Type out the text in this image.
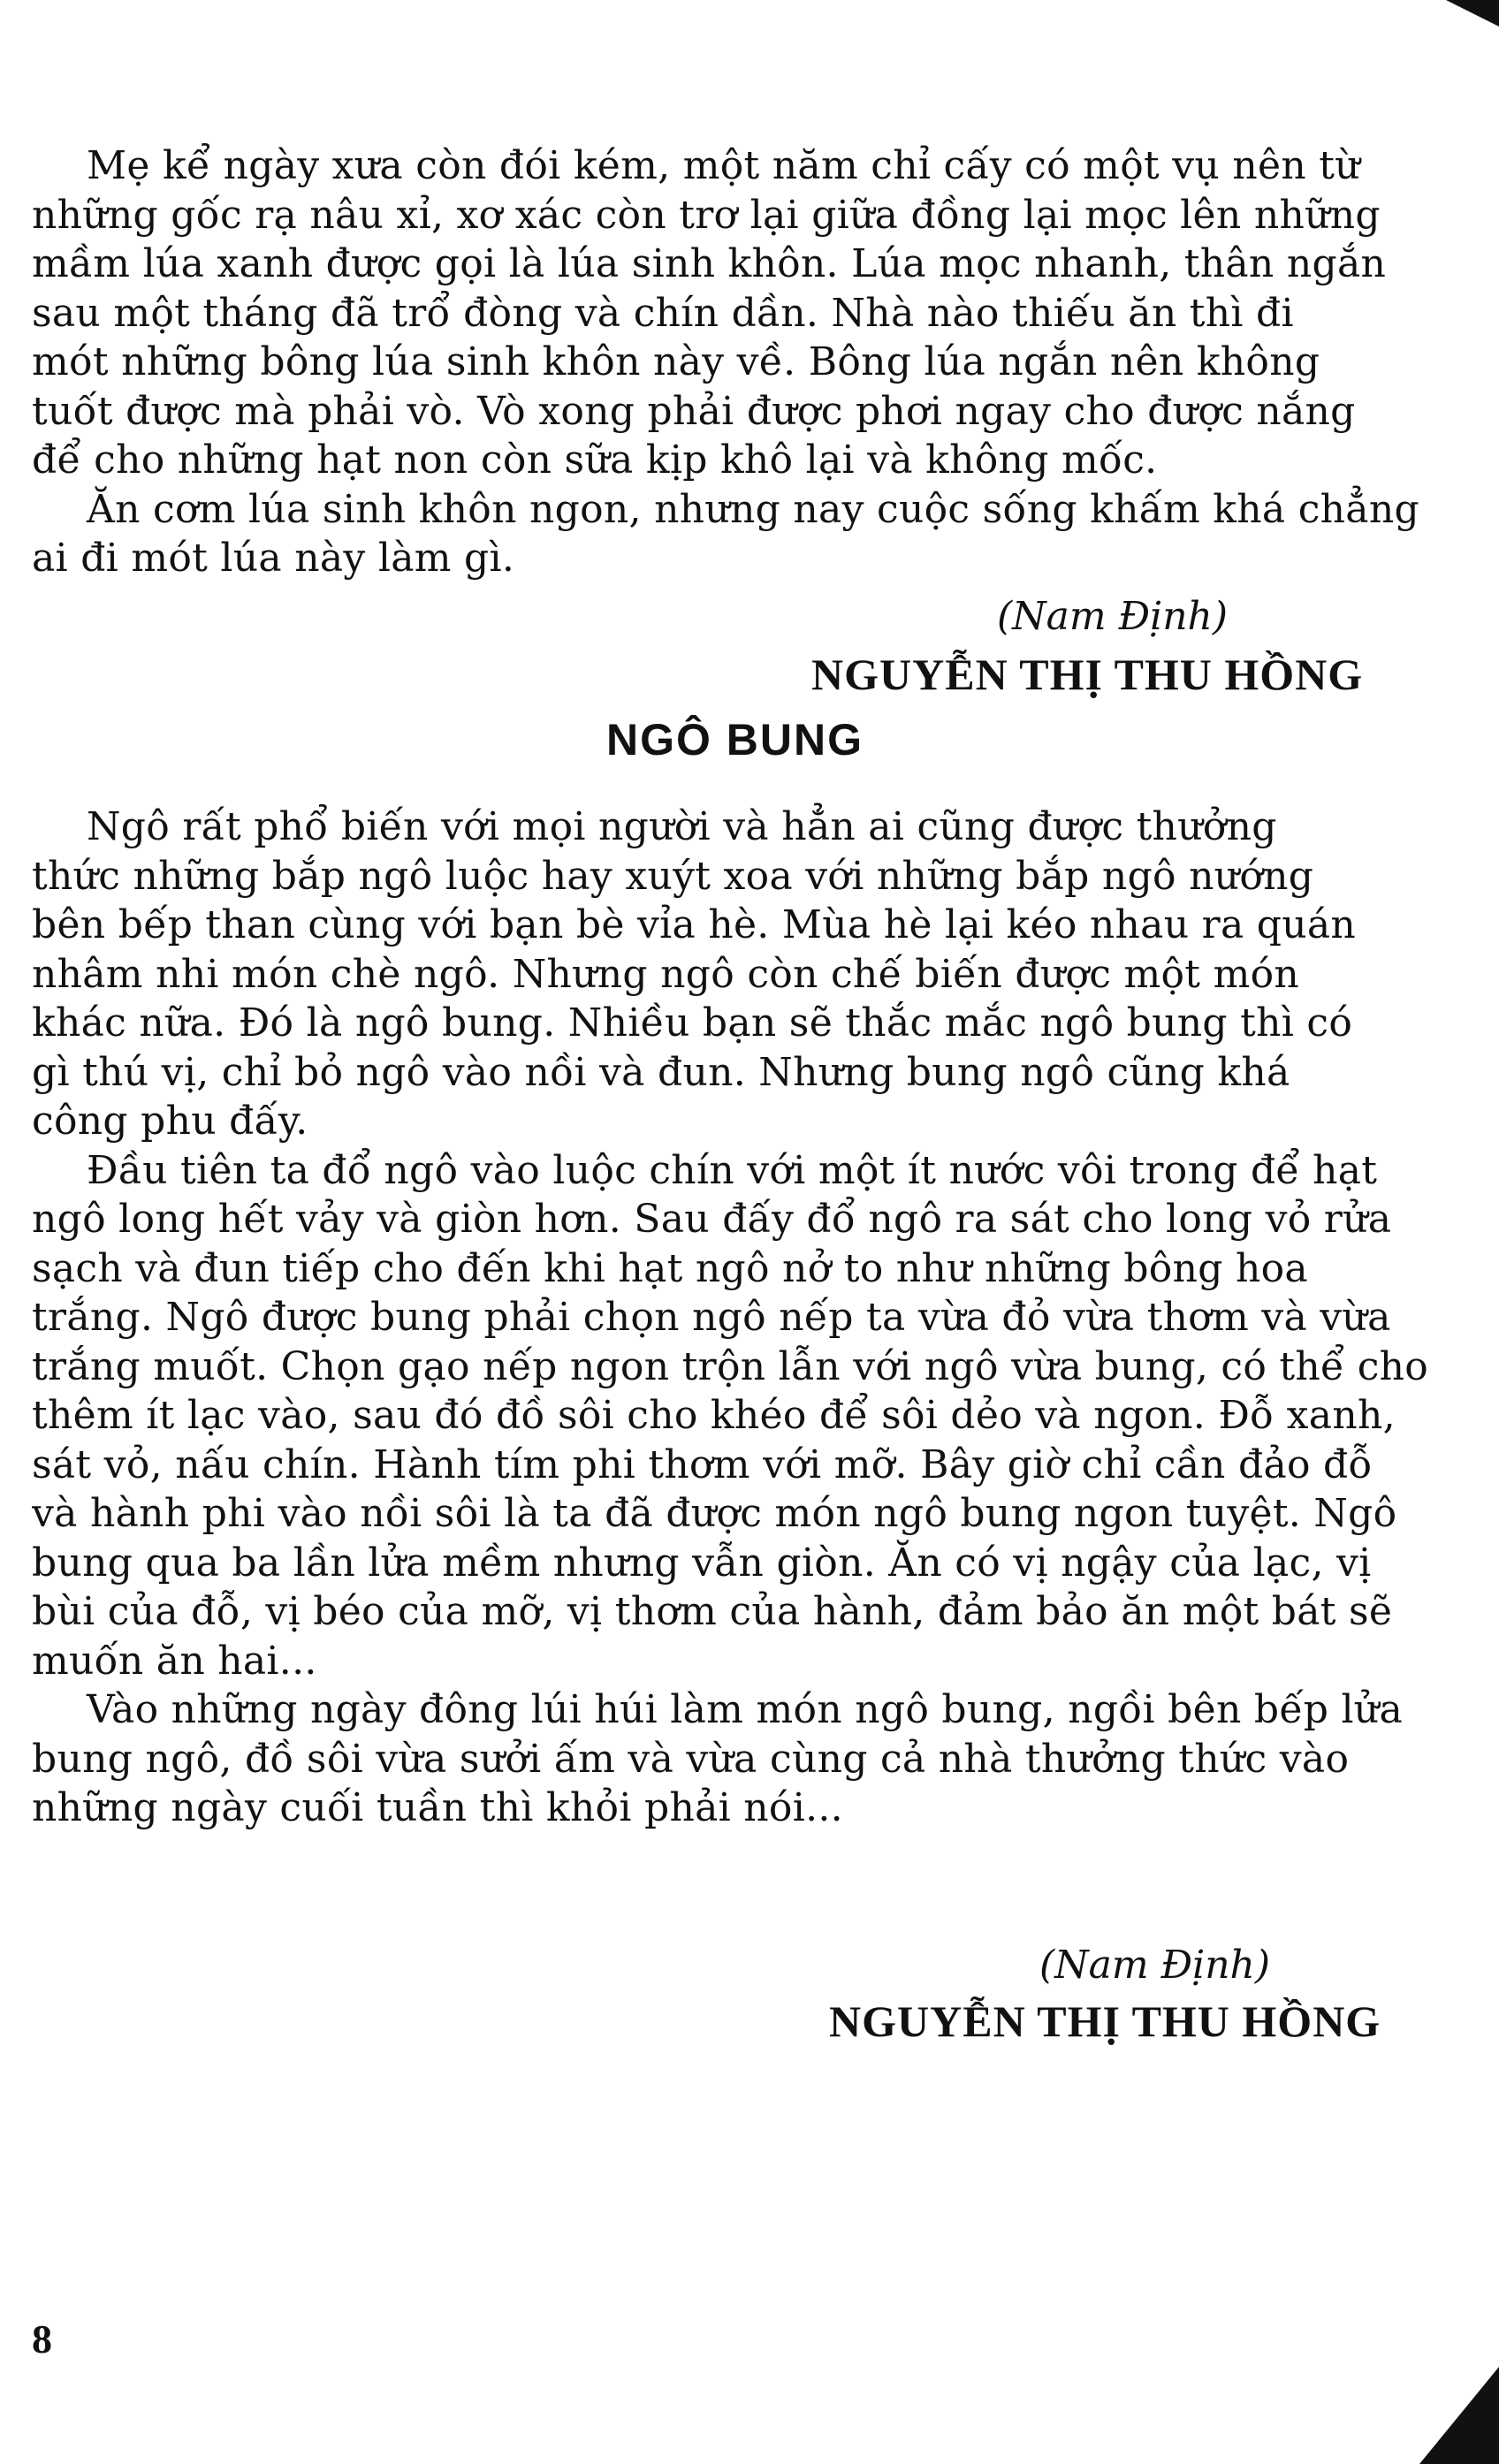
Mẹ kể ngày xưa còn đói kém, một năm chỉ cấy có một vụ nên từ
những gốc rạ nâu xỉ, xơ xác còn trơ lại giữa đồng lại mọc lên những
mầm lúa xanh được gọi là lúa sinh khôn. Lúa mọc nhanh, thân ngắn
sau một tháng đã trổ đòng và chín dần. Nhà nào thiếu ăn thì đi
mót những bông lúa sinh khôn này về. Bông lúa ngắn nên không
tuốt được mà phải vò. Vò xong phải được phơi ngay cho được nắng
để cho những hạt non còn sữa kịp khô lại và không mốc.
Ăn cơm lúa sinh khôn ngon, nhưng nay cuộc sống khấm khá chẳng
ai đi mót lúa này làm gì.
(Nam Định)
NGUYỄN THỊ THU HỒNG
NGÔ BUNG
Ngô rất phổ biến với mọi người và hẳn ai cũng được thưởng
thức những bắp ngô luộc hay xuýt xoa với những bắp ngô nướng
bên bếp than cùng với bạn bè vỉa hè. Mùa hè lại kéo nhau ra quán
nhâm nhi món chè ngô. Nhưng ngô còn chế biến được một món
khác nữa. Đó là ngô bung. Nhiều bạn sẽ thắc mắc ngô bung thì có
gì thú vị, chỉ bỏ ngô vào nồi và đun. Nhưng bung ngô cũng khá
công phu đấy.
Đầu tiên ta đổ ngô vào luộc chín với một ít nước vôi trong để hạt
ngô long hết vảy và giòn hơn. Sau đấy đổ ngô ra sát cho long vỏ rửa
sạch và đun tiếp cho đến khi hạt ngô nở to như những bông hoa
trắng. Ngô được bung phải chọn ngô nếp ta vừa đỏ vừa thơm và vừa
trắng muốt. Chọn gạo nếp ngon trộn lẫn với ngô vừa bung, có thể cho
thêm ít lạc vào, sau đó đồ sôi cho khéo để sôi dẻo và ngon. Đỗ xanh,
sát vỏ, nấu chín. Hành tím phi thơm với mỡ. Bây giờ chỉ cần đảo đỗ
và hành phi vào nồi sôi là ta đã được món ngô bung ngon tuyệt. Ngô
bung qua ba lần lửa mềm nhưng vẫn giòn. Ăn có vị ngậy của lạc, vị
bùi của đỗ, vị béo của mỡ, vị thơm của hành, đảm bảo ăn một bát sẽ
muốn ăn hai...
Vào những ngày đông lúi húi làm món ngô bung, ngồi bên bếp lửa
bung ngô, đồ sôi vừa sưởi ấm và vừa cùng cả nhà thưởng thức vào
những ngày cuối tuần thì khỏi phải nói...
(Nam Định)
NGUYỄN THỊ THU HỒNG
8
